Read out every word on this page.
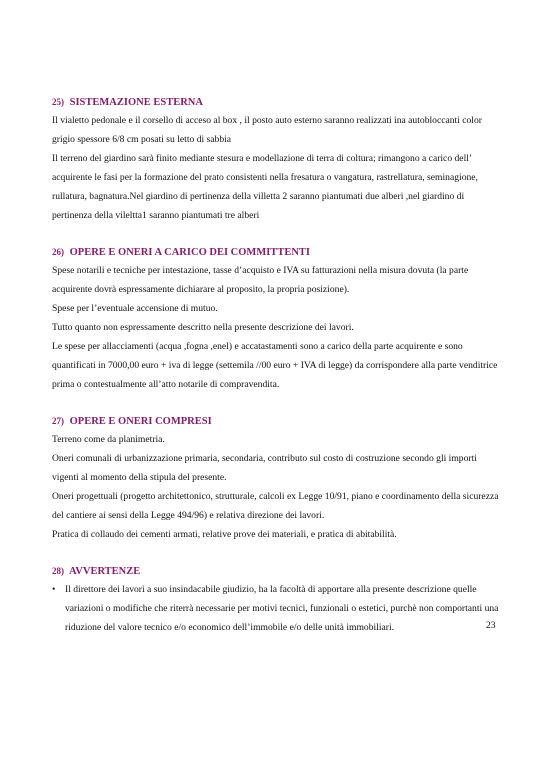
25) SISTEMAZIONE ESTERNA

Il vialetto pedonale e il corsello di acceso al box , il posto auto esterno saranno realizzati ina autobloccanti color grigio spessore 6/8 cm posati su letto di sabbia

Il terreno del giardino sarà finito mediante stesura e modellazione di terra di coltura; rimangono a carico dell’ acquirente le fasi per la formazione del prato consistenti nella fresatura o vangatura, rastrellatura, seminagione, rullatura, bagnatura.Nel giardino di pertinenza della villetta 2 saranno piantumati due alberi ,nel giardino di pertinenza della vileltta1 saranno piantumati tre alberi

26) OPERE E ONERI A CARICO DEI COMMITTENTI

Spese notarili e tecniche per intestazione, tasse d’acquisto e IVA su fatturazioni nella misura dovuta (la parte acquirente dovrà espressamente dichiarare al proposito, la propria posizione).

Spese per l’eventuale accensione di mutuo.

Tutto quanto non espressamente descritto nella presente descrizione dei lavori.

Le spese per allacciamenti (acqua ,fogna ,enel) e accatastamenti sono a carico della parte acquirente e sono quantificati in 7000,00 euro + iva di legge (settemila //00 euro + IVA di legge) da corrispondere alla parte venditrice prima o contestualmente all’atto notarile di compravendita.

27) OPERE E ONERI COMPRESI

Terreno come da planimetria.

Oneri comunali di urbanizzazione primaria, secondaria, contributo sul costo di costruzione secondo gli importi vigenti al momento della stipula del presente.

Oneri progettuali (progetto architettonico, strutturale, calcoli ex Legge 10/91, piano e coordinamento della sicurezza del cantiere ai sensi della Legge 494/96) e relativa direzione dei lavori.

Pratica di collaudo dei cementi armati, relative prove dei materiali, e pratica di abitabilità.

28) AVVERTENZE
•	Il direttore dei lavori a suo insindacabile giudizio, ha la facoltà di apportare alla presente descrizione quelle variazioni o modifiche che riterrà necessarie per motivi tecnici, funzionali o estetici, purchè non comportanti una riduzione del valore tecnico e/o economico dell’immobile e/o delle unità immobiliari.	23
